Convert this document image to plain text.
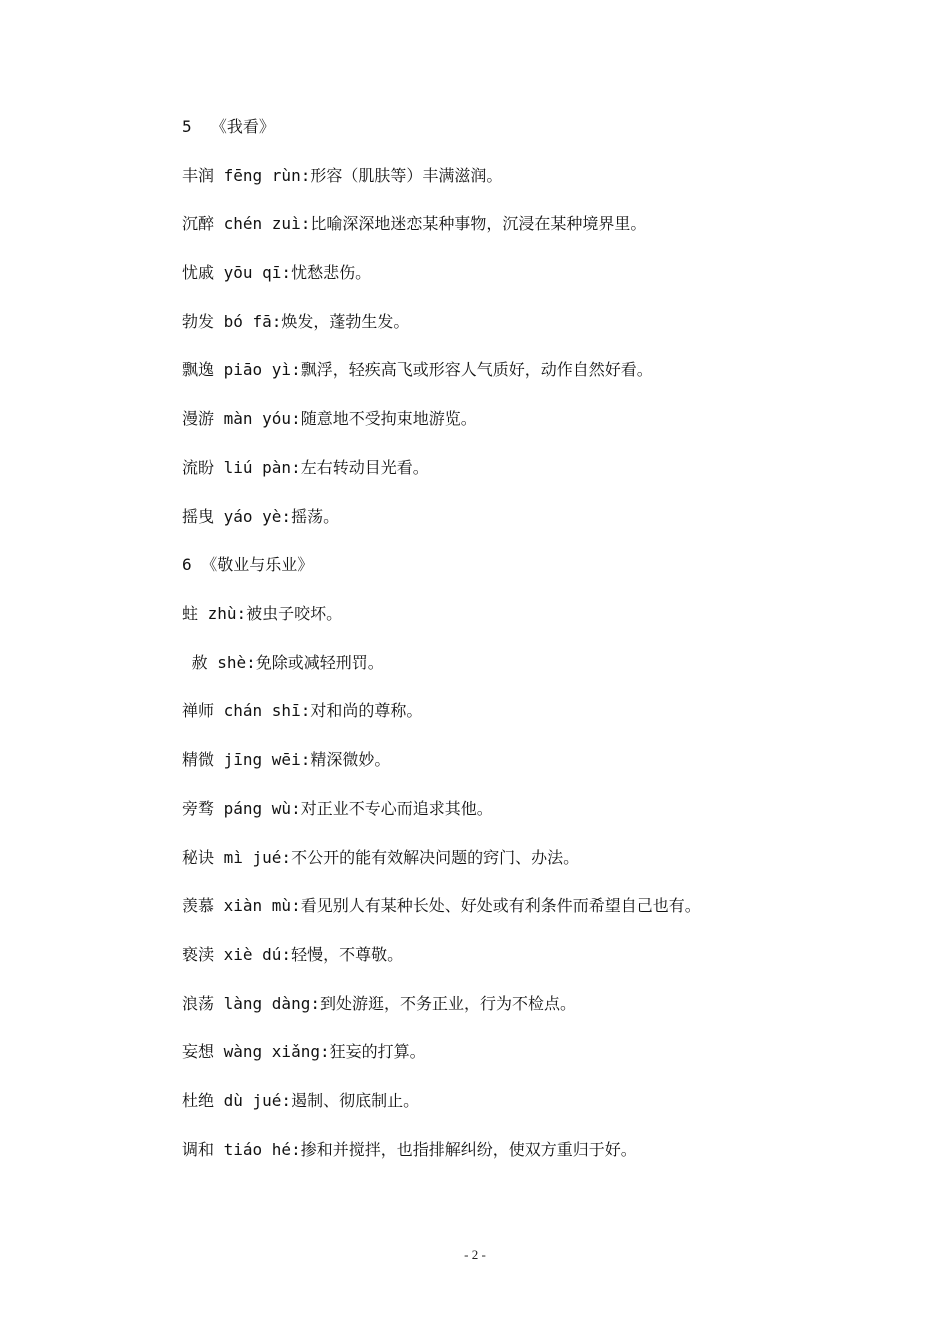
5  《我看》
丰润 fēng rùn:形容（肌肤等）丰满滋润。
沉醉 chén zuì:比喻深深地迷恋某种事物，沉浸在某种境界里。
忧戚 yōu qī:忧愁悲伤。
勃发 bó fā:焕发，蓬勃生发。
飘逸 piāo yì:飘浮，轻疾高飞或形容人气质好，动作自然好看。
漫游 màn yóu:随意地不受拘束地游览。
流盼 liú pàn:左右转动目光看。
摇曳 yáo yè:摇荡。
6 《敬业与乐业》
蛀 zhù:被虫子咬坏。
赦 shè:免除或减轻刑罚。
禅师 chán shī:对和尚的尊称。
精微 jīng wēi:精深微妙。
旁骛 páng wù:对正业不专心而追求其他。
秘诀 mì jué:不公开的能有效解决问题的窍门、办法。
羡慕 xiàn mù:看见别人有某种长处、好处或有利条件而希望自己也有。
亵渎 xiè dú:轻慢，不尊敬。
浪荡 làng dàng:到处游逛，不务正业，行为不检点。
妄想 wàng xiǎng:狂妄的打算。
杜绝 dù jué:遏制、彻底制止。
调和 tiáo hé:掺和并搅拌，也指排解纠纷，使双方重归于好。
- 2 -
